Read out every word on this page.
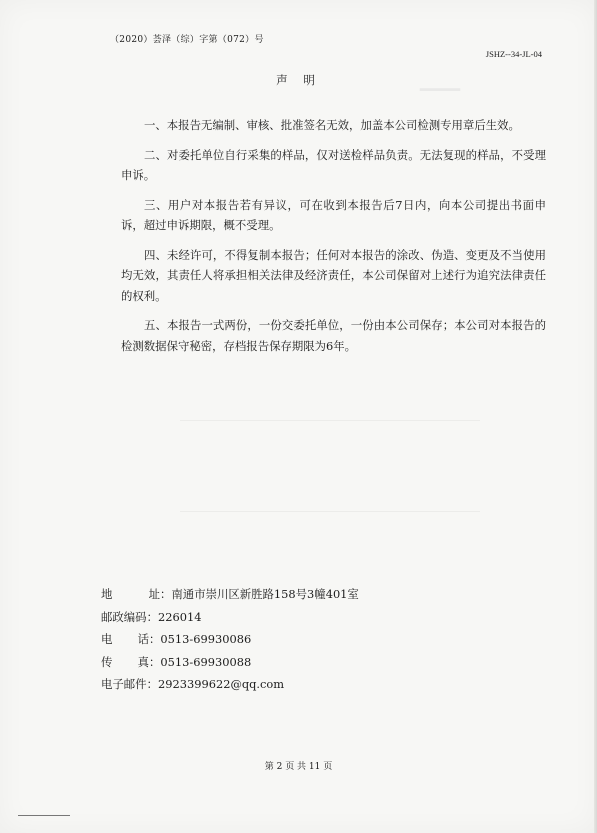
—
（2020）荟泽（综）字第（072）号
JSHZ--34-JL-04
声 明

一、本报告无编制、审核、批准签名无效，加盖本公司检测专用章后生效。

二、对委托单位自行采集的样品，仅对送检样品负责。无法复现的样品，不受理申诉。

三、用户对本报告若有异议，可在收到本报告后7日内，向本公司提出书面申诉，超过申诉期限，概不受理。

四、未经许可，不得复制本报告；任何对本报告的涂改、伪造、变更及不当使用均无效，其责任人将承担相关法律及经济责任，本公司保留对上述行为追究法律责任的权利。

五、本报告一式两份，一份交委托单位，一份由本公司保存；本公司对本报告的检测数据保守秘密，存档报告保存期限为6年。

地	址 ： 南通市崇川区新胜路158号3幢401室
邮政编码： 226014
电 话 ： 0513-69930086
传 真 ： 0513-69930088
电子邮件： 2923399622@qq.com
第 2 页 共 11 页
